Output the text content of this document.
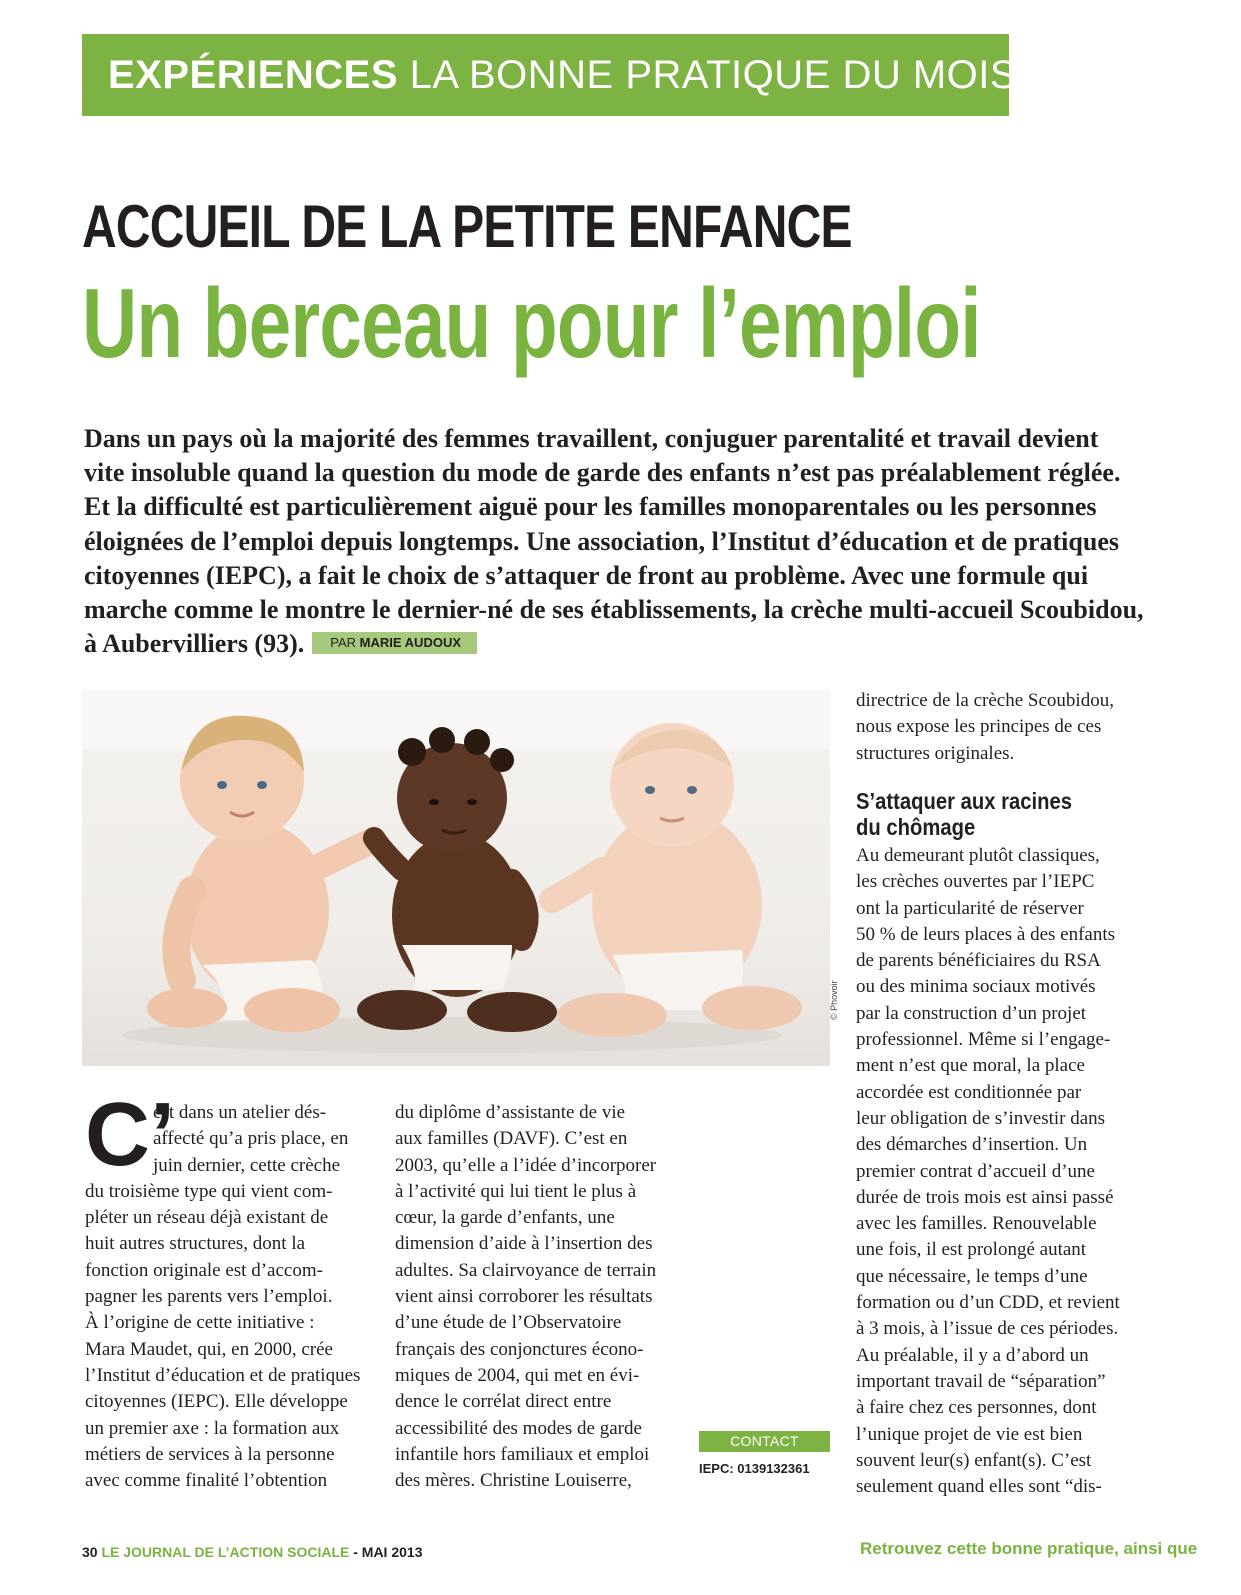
EXPÉRIENCES LA BONNE PRATIQUE DU MOIS
ACCUEIL DE LA PETITE ENFANCE
Un berceau pour l’emploi
Dans un pays où la majorité des femmes travaillent, conjuguer parentalité et travail devient
vite insoluble quand la question du mode de garde des enfants n’est pas préalablement réglée.
Et la difficulté est particulièrement aiguë pour les familles monoparentales ou les personnes
éloignées de l’emploi depuis longtemps. Une association, l’Institut d’éducation et de pratiques
citoyennes (IEPC), a fait le choix de s’attaquer de front au problème. Avec une formule qui
marche comme le montre le dernier-né de ses établissements, la crèche multi-accueil Scoubidou,
à Aubervilliers (93). PAR MARIE AUDOUX
© Phovoir
C’
est dans un atelier dés-
affecté qu’a pris place, en
juin dernier, cette crèche
du troisième type qui vient com-
pléter un réseau déjà existant de
huit autres structures, dont la
fonction originale est d’accom-
pagner les parents vers l’emploi.
À l’origine de cette initiative :
Mara Maudet, qui, en 2000, crée
l’Institut d’éducation et de pratiques
citoyennes (IEPC). Elle développe
un premier axe : la formation aux
métiers de services à la personne
avec comme finalité l’obtention
du diplôme d’assistante de vie
aux familles (DAVF). C’est en
2003, qu’elle a l’idée d’incorporer
à l’activité qui lui tient le plus à
cœur, la garde d’enfants, une
dimension d’aide à l’insertion des
adultes. Sa clairvoyance de terrain
vient ainsi corroborer les résultats
d’une étude de l’Observatoire
français des conjonctures écono-
miques de 2004, qui met en évi-
dence le corrélat direct entre
accessibilité des modes de garde
infantile hors familiaux et emploi
des mères. Christine Louiserre,
directrice de la crèche Scoubidou,
nous expose les principes de ces
structures originales.
S’attaquer aux racines
du chômage
Au demeurant plutôt classiques,
les crèches ouvertes par l’IEPC
ont la particularité de réserver
50 % de leurs places à des enfants
de parents bénéficiaires du RSA
ou des minima sociaux motivés
par la construction d’un projet
professionnel. Même si l’engage-
ment n’est que moral, la place
accordée est conditionnée par
leur obligation de s’investir dans
des démarches d’insertion. Un
premier contrat d’accueil d’une
durée de trois mois est ainsi passé
avec les familles. Renouvelable
une fois, il est prolongé autant
que nécessaire, le temps d’une
formation ou d’un CDD, et revient
à 3 mois, à l’issue de ces périodes.
Au préalable, il y a d’abord un
important travail de “séparation”
à faire chez ces personnes, dont
l’unique projet de vie est bien
souvent leur(s) enfant(s). C’est
seulement quand elles sont “dis-
CONTACT
IEPC: 0139132361
30 LE JOURNAL DE L’ACTION SOCIALE - MAI 2013	Retrouvez cette bonne pratique, ainsi que
